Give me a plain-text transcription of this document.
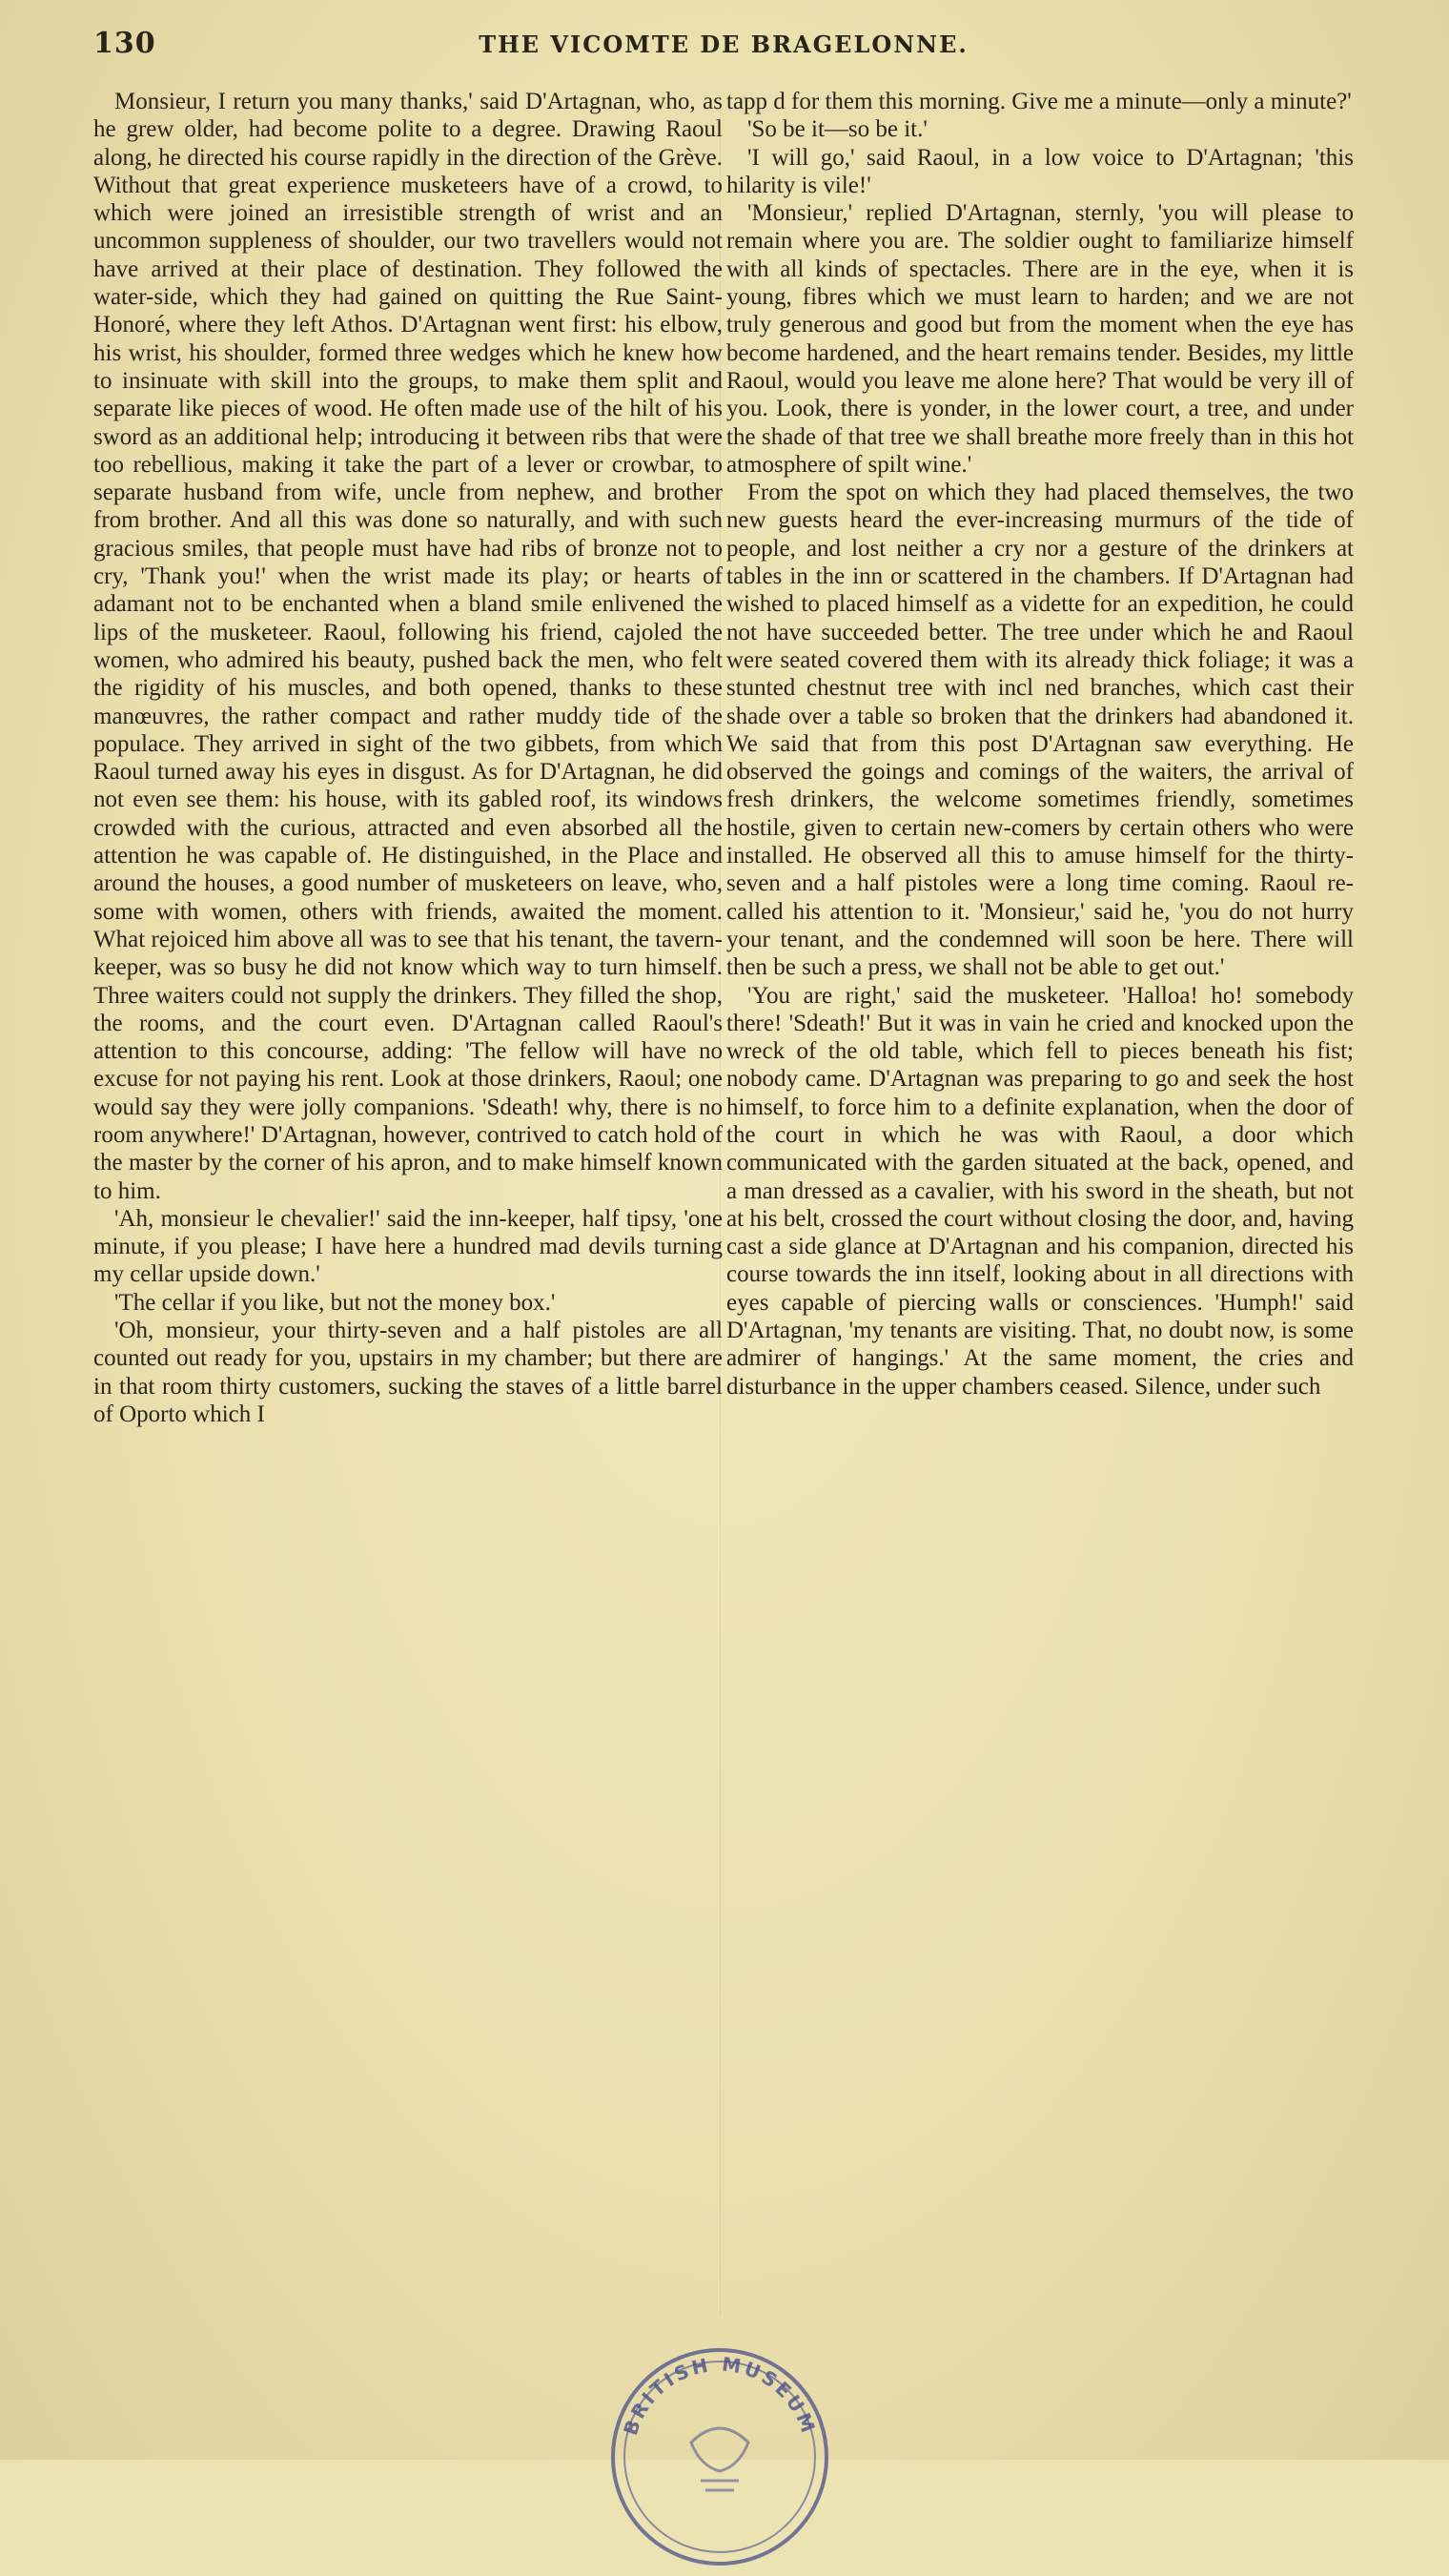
130	THE VICOMTE DE BRAGELONNE.

Monsieur, I return you many thanks,' said D'Artagnan, who, as he grew older, had become polite to a degree. Drawing Raoul along, he directed his course rapidly in the direction of the Grève. Without that great experience musketeers have of a crowd, to which were joined an irresistible strength of wrist and an uncommon suppleness of shoulder, our two travellers would not have arrived at their place of destination. They followed the water-side, which they had gained on quitting the Rue Saint-Honoré, where they left Athos. D'Artagnan went first: his elbow, his wrist, his shoulder, formed three wedges which he knew how to insinuate with skill into the groups, to make them split and separate like pieces of wood. He often made use of the hilt of his sword as an additional help; introducing it between ribs that were too rebellious, making it take the part of a lever or crowbar, to separate husband from wife, uncle from nephew, and brother from brother. And all this was done so naturally, and with such gracious smiles, that people must have had ribs of bronze not to cry, 'Thank you!' when the wrist made its play; or hearts of adamant not to be enchanted when a bland smile enlivened the lips of the musketeer. Raoul, following his friend, cajoled the women, who admired his beauty, pushed back the men, who felt the rigidity of his muscles, and both opened, thanks to these manœuvres, the rather compact and rather muddy tide of the populace. They arrived in sight of the two gibbets, from which Raoul turned away his eyes in disgust. As for D'Artagnan, he did not even see them: his house, with its gabled roof, its windows crowded with the curious, attracted and even absorbed all the attention he was capable of. He distinguished, in the Place and around the houses, a good number of musketeers on leave, who, some with women, others with friends, awaited the moment. What rejoiced him above all was to see that his tenant, the tavern-keeper, was so busy he did not know which way to turn himself. Three waiters could not supply the drinkers. They filled the shop, the rooms, and the court even. D'Artagnan called Raoul's attention to this concourse, adding: 'The fellow will have no excuse for not paying his rent. Look at those drinkers, Raoul; one would say they were jolly companions. 'Sdeath! why, there is no room anywhere!' D'Artagnan, however, contrived to catch hold of the master by the corner of his apron, and to make himself known to him.

'Ah, monsieur le chevalier!' said the inn-keeper, half tipsy, 'one minute, if you please; I have here a hundred mad devils turning my cellar upside down.'

'The cellar if you like, but not the money box.'

'Oh, monsieur, your thirty-seven and a half pistoles are all counted out ready for you, upstairs in my chamber; but there are in that room thirty customers, sucking the staves of a little barrel of Oporto which I

tapp d for them this morning. Give me a minute—only a minute?'

'So be it—so be it.'

'I will go,' said Raoul, in a low voice to D'Artagnan; 'this hilarity is vile!'

'Monsieur,' replied D'Artagnan, sternly, 'you will please to remain where you are. The soldier ought to familiarize himself with all kinds of spectacles. There are in the eye, when it is young, fibres which we must learn to harden; and we are not truly generous and good but from the moment when the eye has become hardened, and the heart remains tender. Besides, my little Raoul, would you leave me alone here? That would be very ill of you. Look, there is yonder, in the lower court, a tree, and under the shade of that tree we shall breathe more freely than in this hot atmosphere of spilt wine.'

From the spot on which they had placed themselves, the two new guests heard the ever-increasing murmurs of the tide of people, and lost neither a cry nor a gesture of the drinkers at tables in the inn or scattered in the chambers. If D'Artagnan had wished to placed himself as a vidette for an expedition, he could not have succeeded better. The tree under which he and Raoul were seated covered them with its already thick foliage; it was a stunted chestnut tree with incl ned branches, which cast their shade over a table so broken that the drinkers had abandoned it. We said that from this post D'Artagnan saw everything. He observed the goings and comings of the waiters, the arrival of fresh drinkers, the welcome sometimes friendly, sometimes hostile, given to certain new-comers by certain others who were installed. He observed all this to amuse himself for the thirty-seven and a half pistoles were a long time coming. Raoul re-called his attention to it. 'Monsieur,' said he, 'you do not hurry your tenant, and the condemned will soon be here. There will then be such a press, we shall not be able to get out.'

'You are right,' said the musketeer. 'Halloa! ho! somebody there! 'Sdeath!' But it was in vain he cried and knocked upon the wreck of the old table, which fell to pieces beneath his fist; nobody came. D'Artagnan was preparing to go and seek the host himself, to force him to a definite explanation, when the door of the court in which he was with Raoul, a door which communicated with the garden situated at the back, opened, and a man dressed as a cavalier, with his sword in the sheath, but not at his belt, crossed the court without closing the door, and, having cast a side glance at D'Artagnan and his companion, directed his course towards the inn itself, looking about in all directions with eyes capable of piercing walls or consciences. 'Humph!' said D'Artagnan, 'my tenants are visiting. That, no doubt now, is some admirer of hangings.' At the same moment, the cries and disturbance in the upper chambers ceased. Silence, under such

BRITISH MUSEUM
